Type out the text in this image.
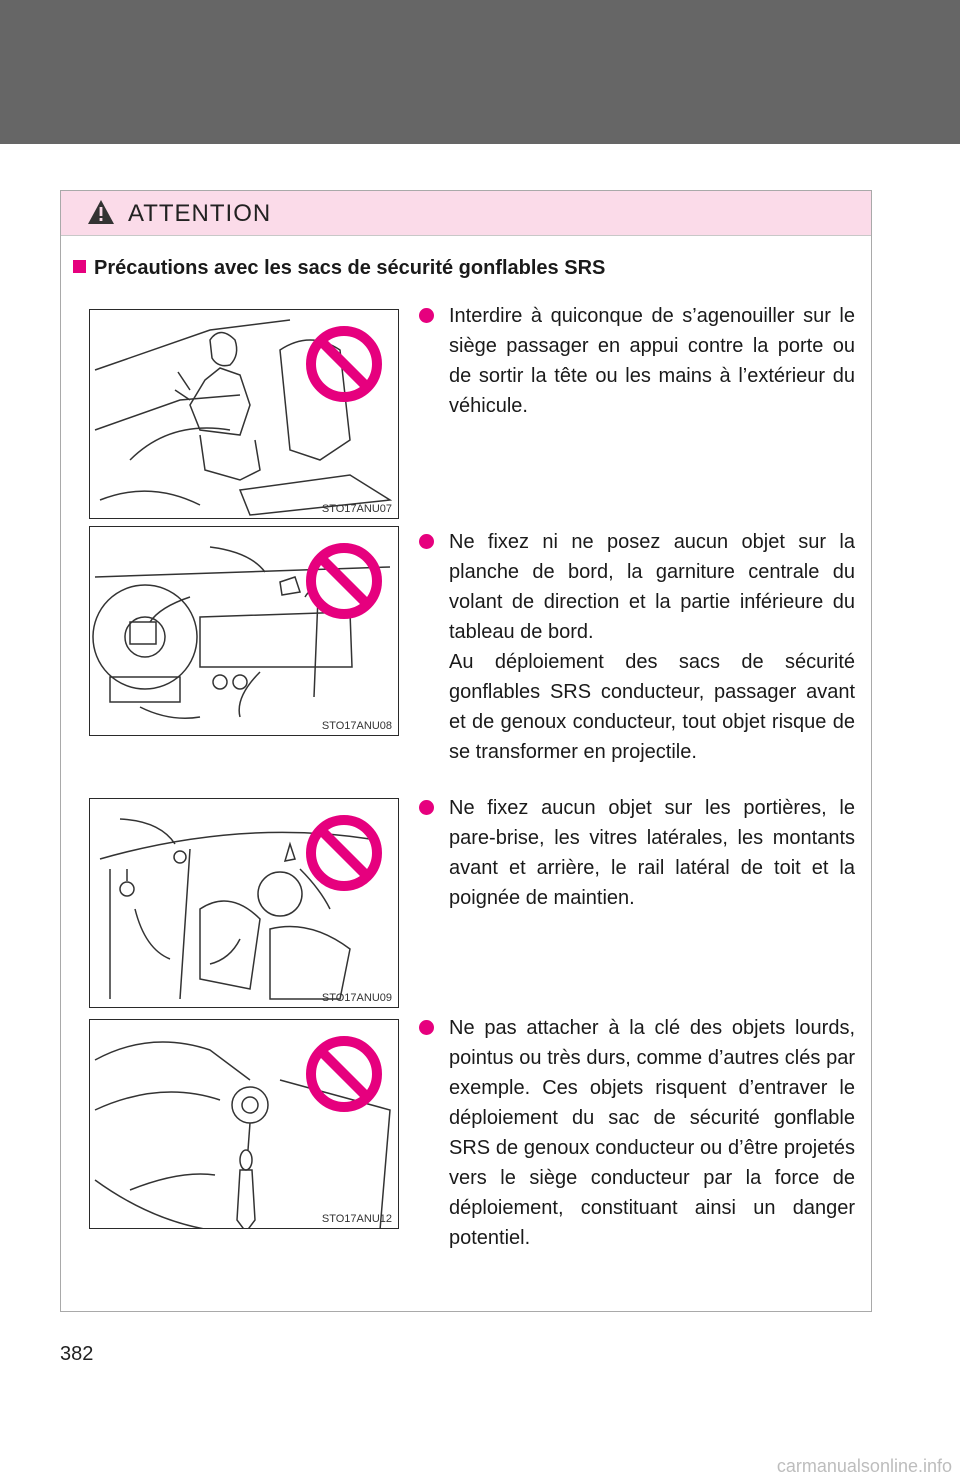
ATTENTION
Précautions avec les sacs de sécurité gonflables SRS
STO17ANU07

Interdire à quiconque de s’agenouiller sur le siège passager en appui contre la porte ou de sortir la tête ou les mains à l’extérieur du véhicule.

STO17ANU08

Ne fixez ni ne posez aucun objet sur la planche de bord, la garniture centrale du volant de direction et la partie inférieure du tableau de bord.

Au déploiement des sacs de sécurité gonflables SRS conducteur, passager avant et de genoux conducteur, tout objet risque de se transformer en projectile.

STO17ANU09

Ne fixez aucun objet sur les portières, le pare-brise, les vitres latérales, les montants avant et arrière, le rail latéral de toit et la poignée de maintien.

STO17ANU12

Ne pas attacher à la clé des objets lourds, pointus ou très durs, comme d’autres clés par exemple. Ces objets risquent d’entraver le déploiement du sac de sécurité gonflable SRS de genoux conducteur ou d’être projetés vers le siège conducteur par la force de déploiement, constituant ainsi un danger potentiel.

382
carmanualsonline.info
